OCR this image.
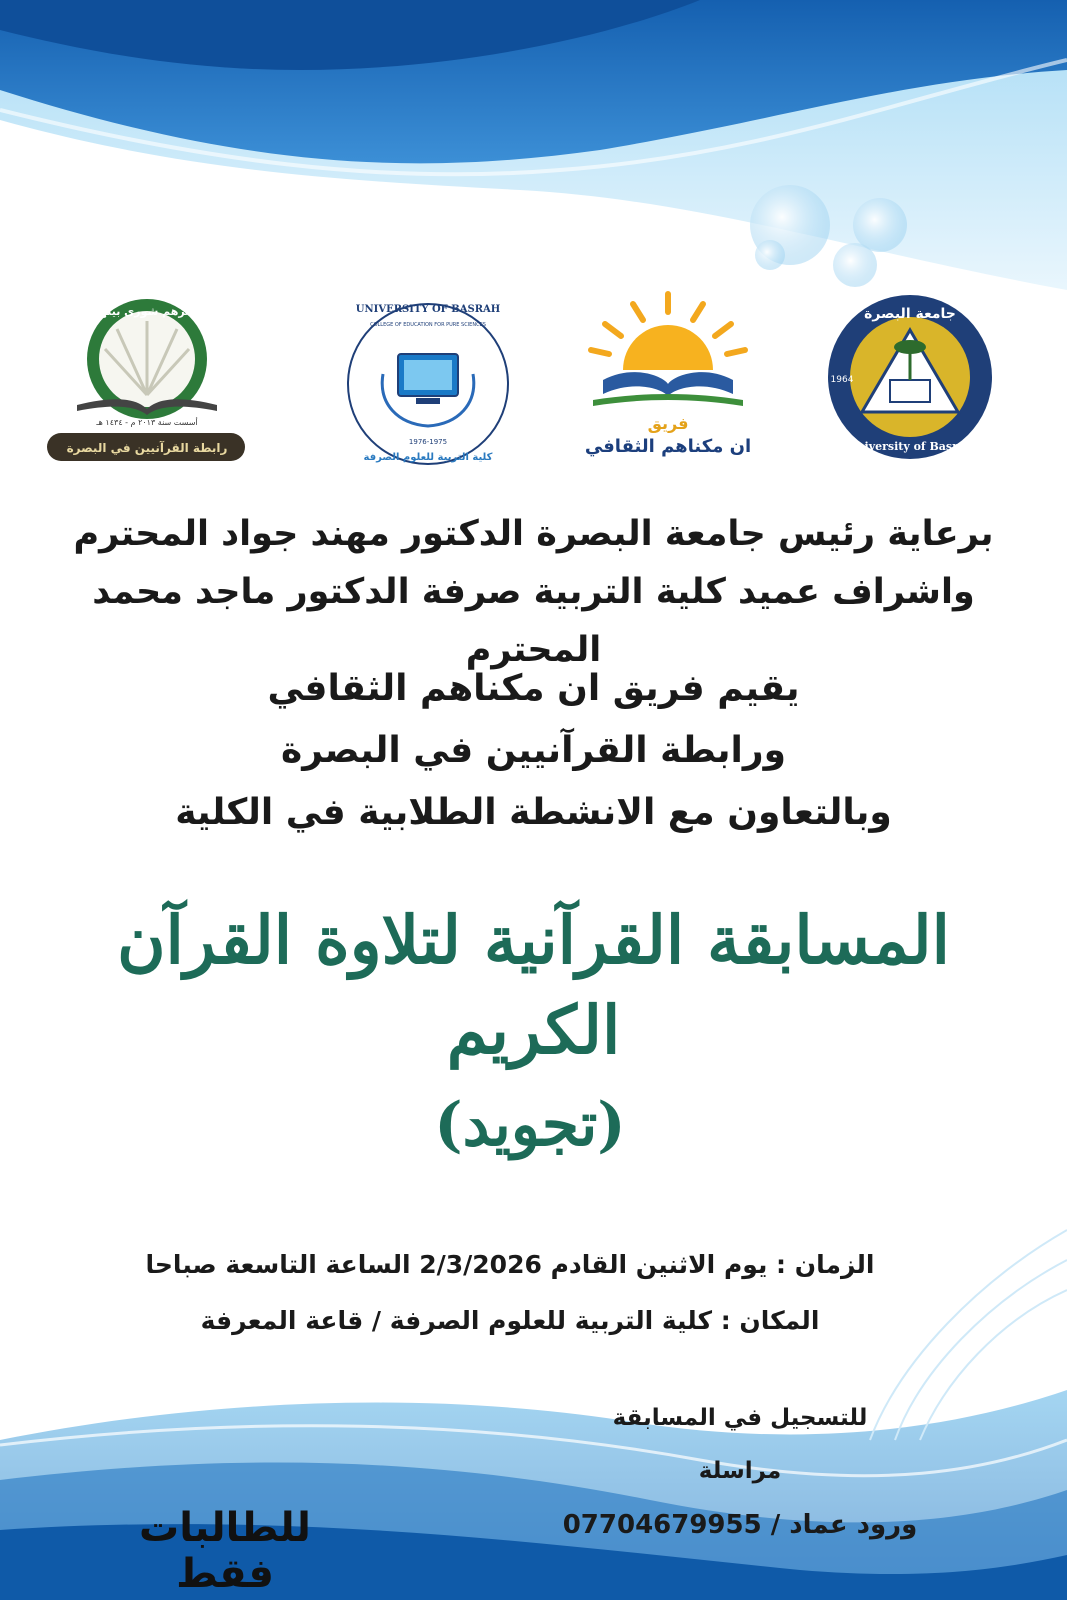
جامعة البصرة
University of Basrah
1964
فريق
ان مكناهم الثقافي
UNIVERSITY OF BASRAH
COLLEGE OF EDUCATION FOR PURE SCIENCES
1976-1975
كلية التربية للعلوم الصرفة
وامرهم شورى بينهم
أسست سنة ٢٠١٣ م - ١٤٣٤ هـ
رابطة القرآنيين في البصرة
برعاية رئيس جامعة البصرة الدكتور مهند جواد المحترم
واشراف عميد كلية التربية صرفة الدكتور ماجد محمد المحترم
يقيم فريق ان مكناهم الثقافي
ورابطة القرآنيين في البصرة
وبالتعاون مع الانشطة الطلابية في الكلية
المسابقة القرآنية لتلاوة القرآن الكريم
(تجويد)
الزمان : يوم الاثنين القادم 2/3/2026 الساعة التاسعة صباحا
المكان : كلية التربية للعلوم الصرفة / قاعة المعرفة
للتسجيل في المسابقة
مراسلة
ورود عماد / 07704679955
للطالبات فقط
